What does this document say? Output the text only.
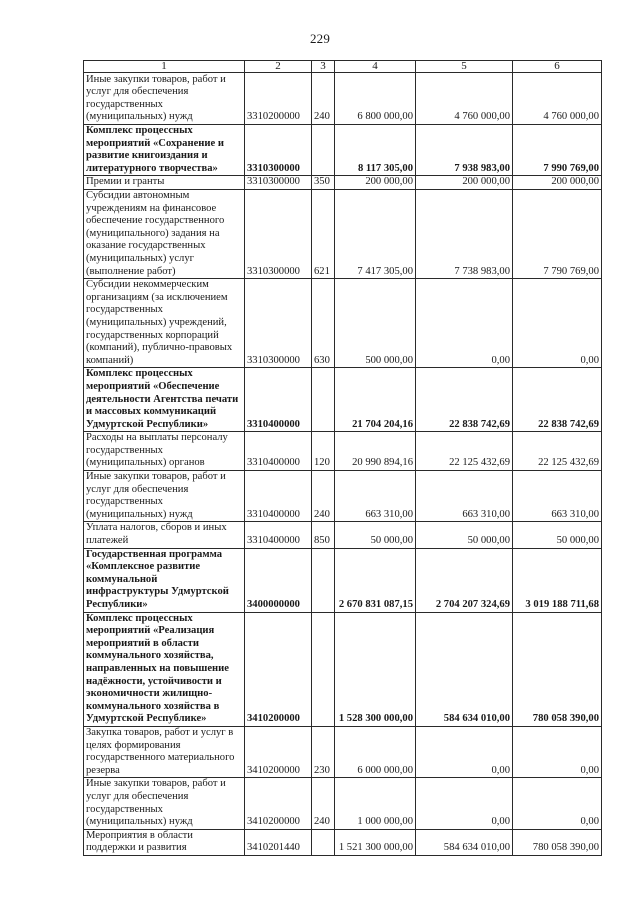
229
1	2	3	4	5	6
Иные закупки товаров, работ и услуг для обеспечения государственных (муниципальных) нужд	3310200000	240	6 800 000,00	4 760 000,00	4 760 000,00
Комплекс процессных мероприятий «Сохранение и развитие книгоиздания и литературного творчества»	3310300000		8 117 305,00	7 938 983,00	7 990 769,00
Премии и гранты	3310300000	350	200 000,00	200 000,00	200 000,00
Субсидии автономным учреждениям на финансовое обеспечение государственного (муниципального) задания на оказание государственных (муниципальных) услуг (выполнение работ)	3310300000	621	7 417 305,00	7 738 983,00	7 790 769,00
Субсидии некоммерческим организациям (за исключением государственных (муниципальных) учреждений, государственных корпораций (компаний), публично-правовых компаний)	3310300000	630	500 000,00	0,00	0,00
Комплекс процессных мероприятий «Обеспечение деятельности Агентства печати и массовых коммуникаций Удмуртской Республики»	3310400000		21 704 204,16	22 838 742,69	22 838 742,69
Расходы на выплаты персоналу государственных (муниципальных) органов	3310400000	120	20 990 894,16	22 125 432,69	22 125 432,69
Иные закупки товаров, работ и услуг для обеспечения государственных (муниципальных) нужд	3310400000	240	663 310,00	663 310,00	663 310,00
Уплата налогов, сборов и иных платежей	3310400000	850	50 000,00	50 000,00	50 000,00
Государственная программа «Комплексное развитие коммунальной инфраструктуры Удмуртской Республики»	3400000000		2 670 831 087,15	2 704 207 324,69	3 019 188 711,68
Комплекс процессных мероприятий «Реализация мероприятий в области коммунального хозяйства, направленных на повышение надёжности, устойчивости и экономичности жилищно-коммунального хозяйства в Удмуртской Республике»	3410200000		1 528 300 000,00	584 634 010,00	780 058 390,00
Закупка товаров, работ и услуг в целях формирования государственного материального резерва	3410200000	230	6 000 000,00	0,00	0,00
Иные закупки товаров, работ и услуг для обеспечения государственных (муниципальных) нужд	3410200000	240	1 000 000,00	0,00	0,00
Мероприятия в области поддержки и развития	3410201440		1 521 300 000,00	584 634 010,00	780 058 390,00
